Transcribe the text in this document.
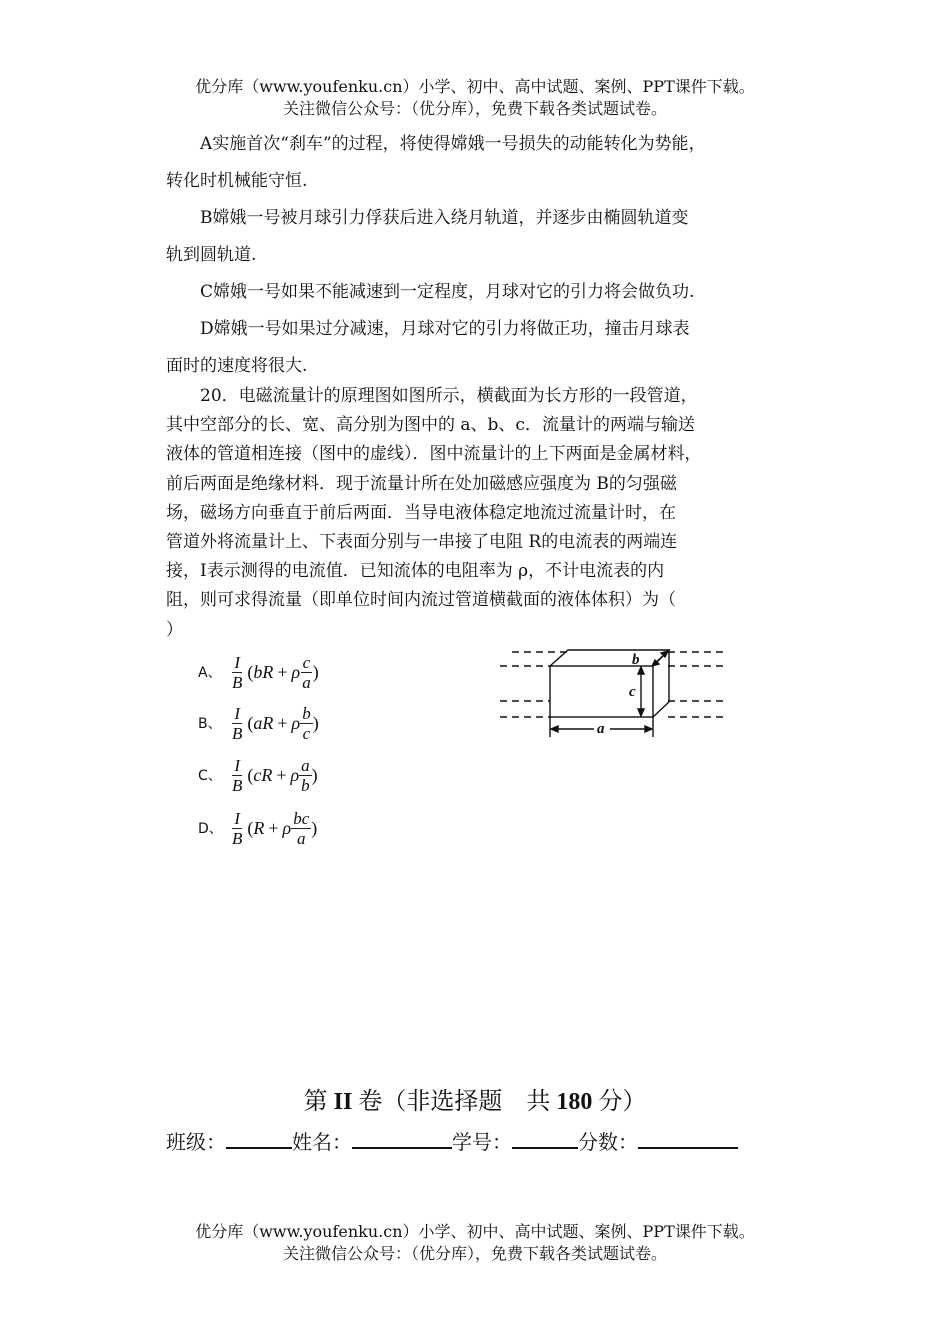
优分库（www.youfenku.cn）小学、初中、高中试题、案例、PPT课件下载。
关注微信公众号：（优分库），免费下载各类试题试卷。
A实施首次“刹车”的过程，将使得嫦娥一号损失的动能转化为势能，
转化时机械能守恒.
B嫦娥一号被月球引力俘获后进入绕月轨道，并逐步由椭圆轨道变
轨到圆轨道.
C嫦娥一号如果不能减速到一定程度，月球对它的引力将会做负功.
D嫦娥一号如果过分减速，月球对它的引力将做正功，撞击月球表
面时的速度将很大.
20．电磁流量计的原理图如图所示，横截面为长方形的一段管道，
其中空部分的长、宽、高分别为图中的 a、b、c．流量计的两端与输送
液体的管道相连接（图中的虚线）．图中流量计的上下两面是金属材料，
前后两面是绝缘材料．现于流量计所在处加磁感应强度为 B的匀强磁
场，磁场方向垂直于前后两面．当导电液体稳定地流过流量计时，在
管道外将流量计上、下表面分别与一串接了电阻 R的电流表的两端连
接，I表示测得的电流值．已知流体的电阻率为 ρ，不计电流表的内
阻，则可求得流量（即单位时间内流过管道横截面的液体体积）为（
）
A、 $\frac{I}{B}$ ( bR + ρ $\frac{c}{a}$ )
B、 $\frac{I}{B}$ ( aR + ρ $\frac{b}{c}$ )
C、 $\frac{I}{B}$ ( cR + ρ $\frac{a}{b}$ )
D、 $\frac{I}{B}$ ( R + ρ $\frac{bc}{a}$ )
a
b
c
第 II 卷（非选择题　共 180 分）
班级：	姓名：	学号：	分数：
优分库（www.youfenku.cn）小学、初中、高中试题、案例、PPT课件下载。
关注微信公众号：（优分库），免费下载各类试题试卷。
